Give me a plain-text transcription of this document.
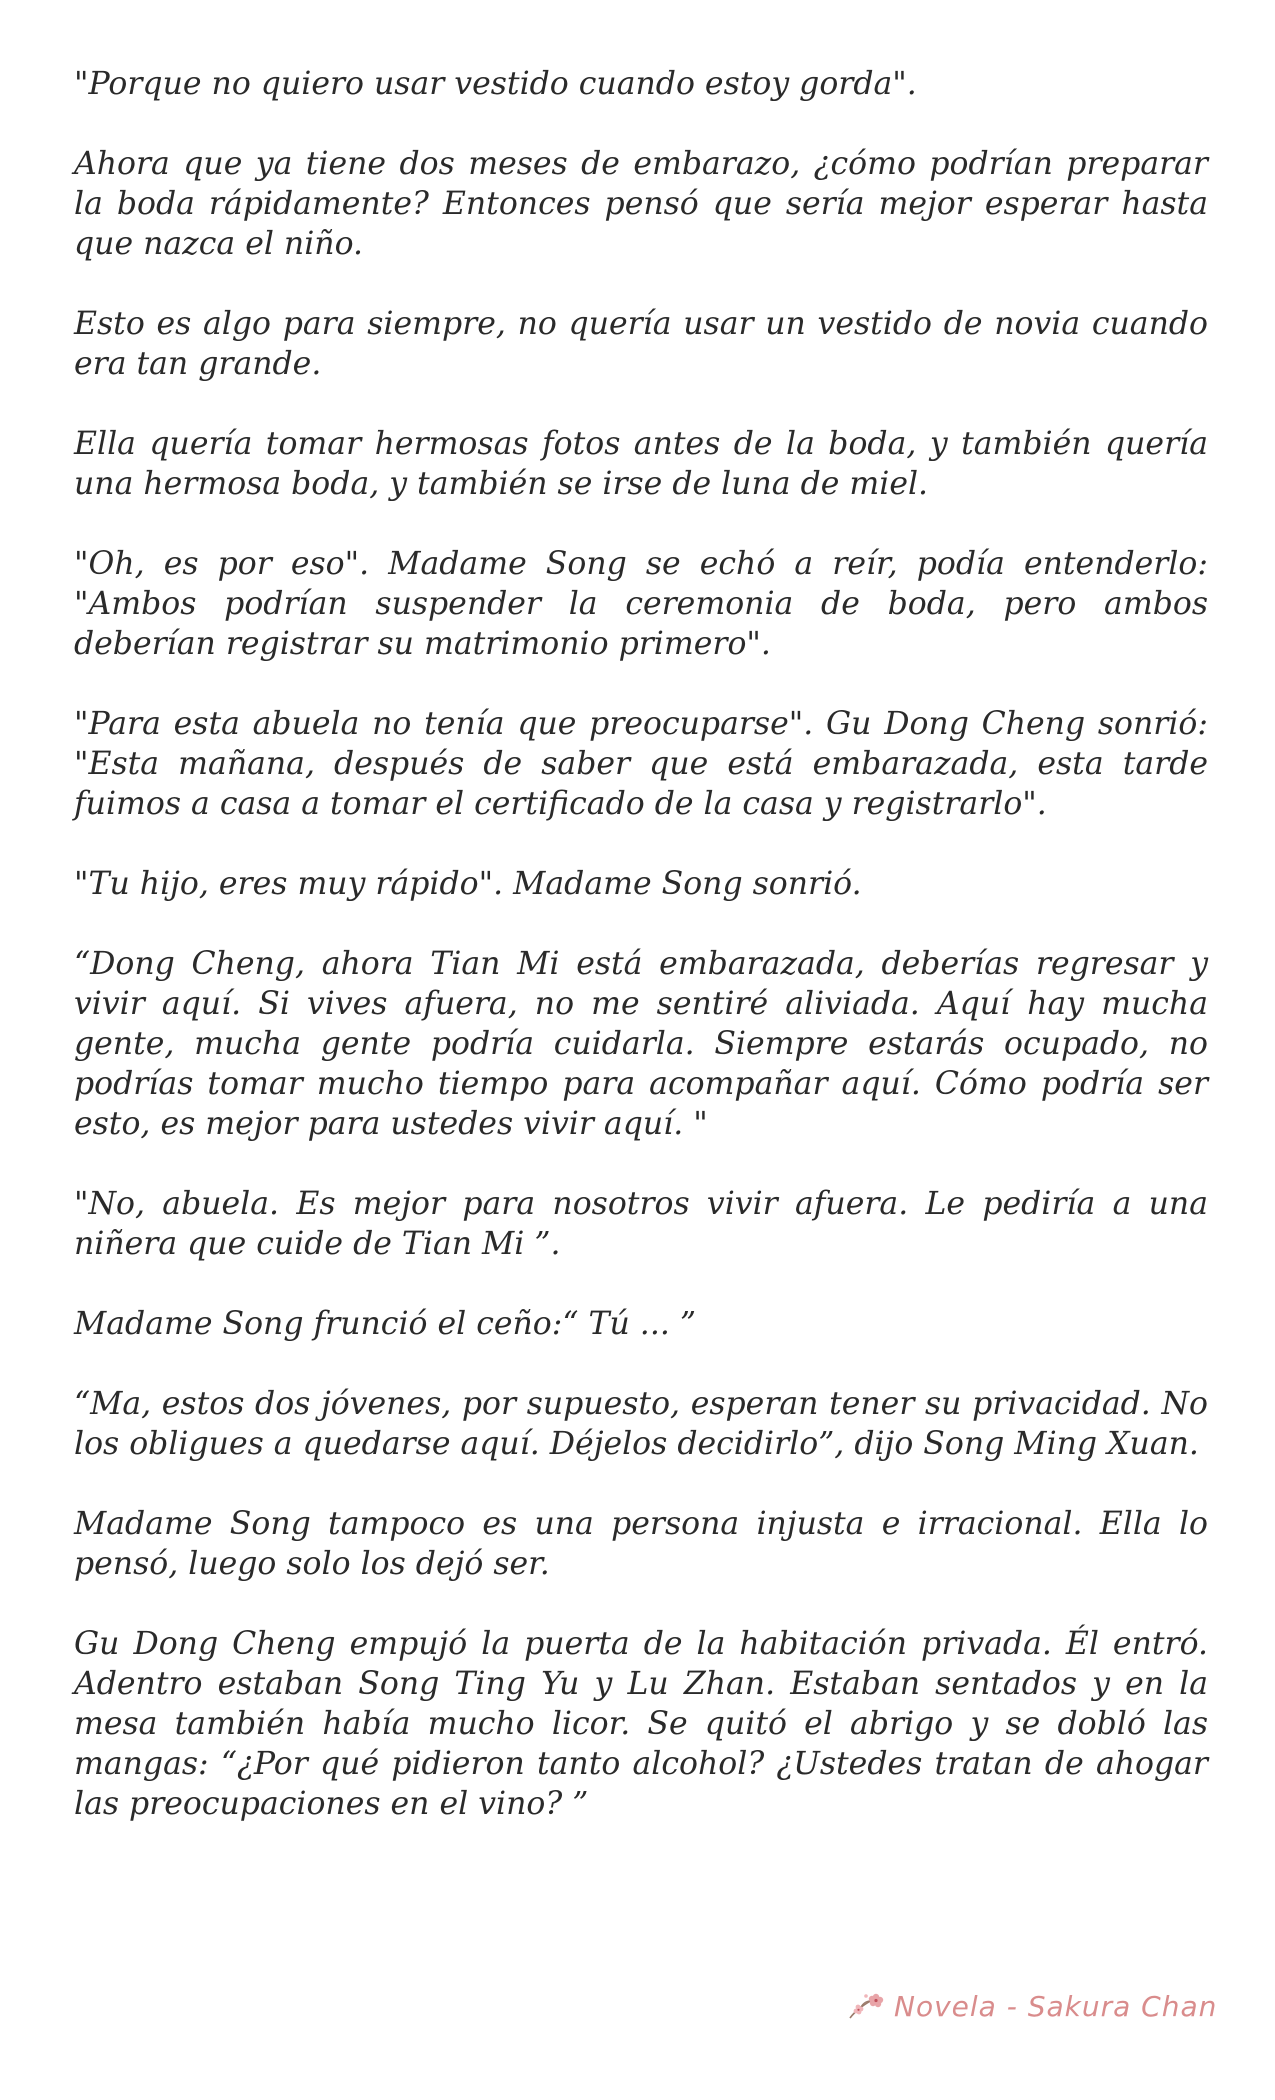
"Porque no quiero usar vestido cuando estoy gorda".

Ahora que ya tiene dos meses de embarazo, ¿cómo podrían preparar la boda rápidamente? Entonces pensó que sería mejor esperar hasta que nazca el niño.

Esto es algo para siempre, no quería usar un vestido de novia cuando era tan grande.

Ella quería tomar hermosas fotos antes de la boda, y también quería una hermosa boda, y también se irse de luna de miel.

"Oh, es por eso". Madame Song se echó a reír, podía entenderlo: "Ambos podrían suspender la ceremonia de boda, pero ambos deberían registrar su matrimonio primero".

"Para esta abuela no tenía que preocuparse". Gu Dong Cheng sonrió: "Esta mañana, después de saber que está embarazada, esta tarde fuimos a casa a tomar el certificado de la casa y registrarlo".

"Tu hijo, eres muy rápido". Madame Song sonrió.

“Dong Cheng, ahora Tian Mi está embarazada, deberías regresar y vivir aquí. Si vives afuera, no me sentiré aliviada. Aquí hay mucha gente, mucha gente podría cuidarla. Siempre estarás ocupado, no podrías tomar mucho tiempo para acompañar aquí. Cómo podría ser esto, es mejor para ustedes vivir aquí. "

"No, abuela. Es mejor para nosotros vivir afuera. Le pediría a una niñera que cuide de Tian Mi ”.

Madame Song frunció el ceño:“ Tú ... ”

“Ma, estos dos jóvenes, por supuesto, esperan tener su privacidad. No los obligues a quedarse aquí. Déjelos decidirlo”, dijo Song Ming Xuan.

Madame Song tampoco es una persona injusta e irracional. Ella lo pensó, luego solo los dejó ser.

Gu Dong Cheng empujó la puerta de la habitación privada. Él entró. Adentro estaban Song Ting Yu y Lu Zhan. Estaban sentados y en la mesa también había mucho licor. Se quitó el abrigo y se dobló las mangas: “¿Por qué pidieron tanto alcohol? ¿Ustedes tratan de ahogar las preocupaciones en el vino? ”

Novela - Sakura Chan
